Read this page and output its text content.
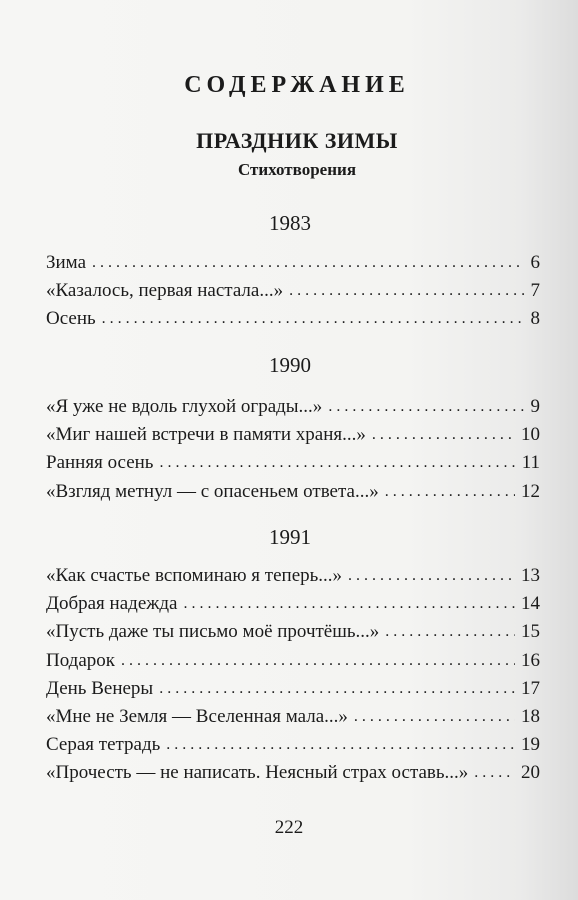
СОДЕРЖАНИЕ
ПРАЗДНИК ЗИМЫ
Стихотворения
1983
Зима . . .	6
«Казалось, первая настала...» . . .	7
Осень . . .	8
1990
«Я уже не вдоль глухой ограды...» . . .	9
«Миг нашей встречи в памяти храня...» . . .	10
Ранняя осень . . .	11
«Взгляд метнул — с опасеньем ответа...» . . .	12
1991
«Как счастье вспоминаю я теперь...» . . .	13
Добрая надежда . . .	14
«Пусть даже ты письмо моё прочтёшь...» . . .	15
Подарок . . .	16
День Венеры . . .	17
«Мне не Земля — Вселенная мала...» . . .	18
Серая тетрадь . . .	19
«Прочесть — не написать. Неясный страх оставь...» . . .	20
222
